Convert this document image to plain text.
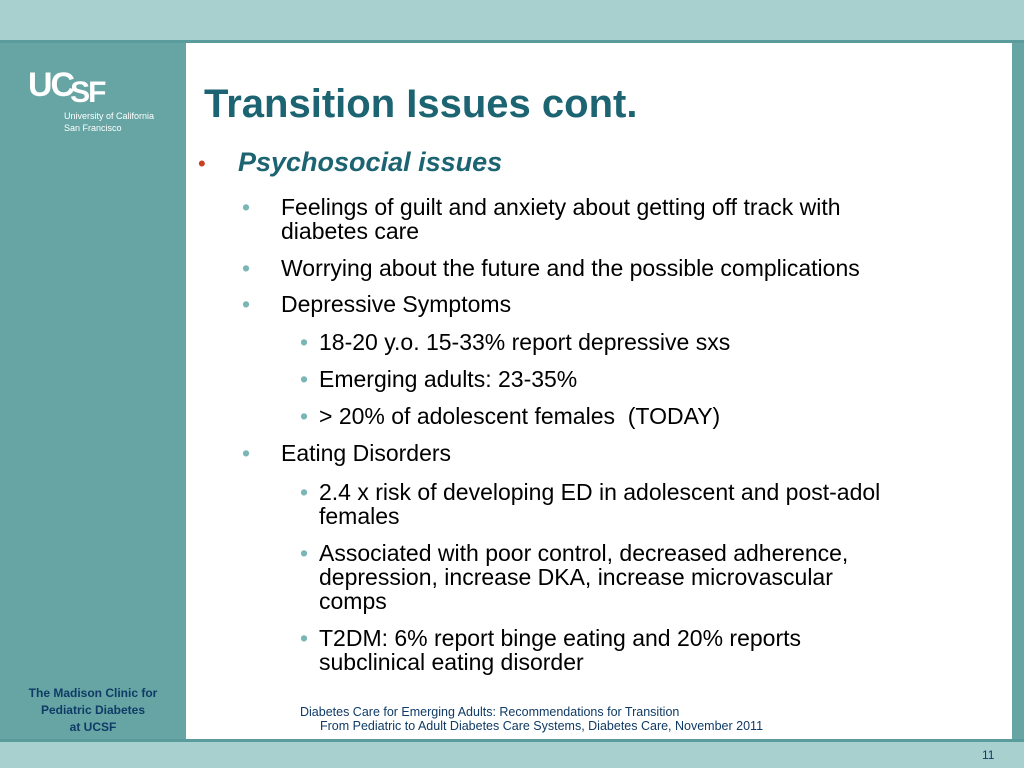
UCSF
University of California
San Francisco
The Madison Clinic for
Pediatric Diabetes
at UCSF
Transition Issues cont.
• Psychosocial issues
• Feelings of guilt and anxiety about getting off track with
diabetes care
• Worrying about the future and the possible complications
• Depressive Symptoms
• 18-20 y.o. 15-33% report depressive sxs
• Emerging adults: 23-35%
• > 20% of adolescent females  (TODAY)
• Eating Disorders
• 2.4 x risk of developing ED in adolescent and post-adol
females
• Associated with poor control, decreased adherence,
depression, increase DKA, increase microvascular
comps
• T2DM: 6% report binge eating and 20% reports
subclinical eating disorder
Diabetes Care for Emerging Adults: Recommendations for Transition
From Pediatric to Adult Diabetes Care Systems, Diabetes Care, November 2011
11
